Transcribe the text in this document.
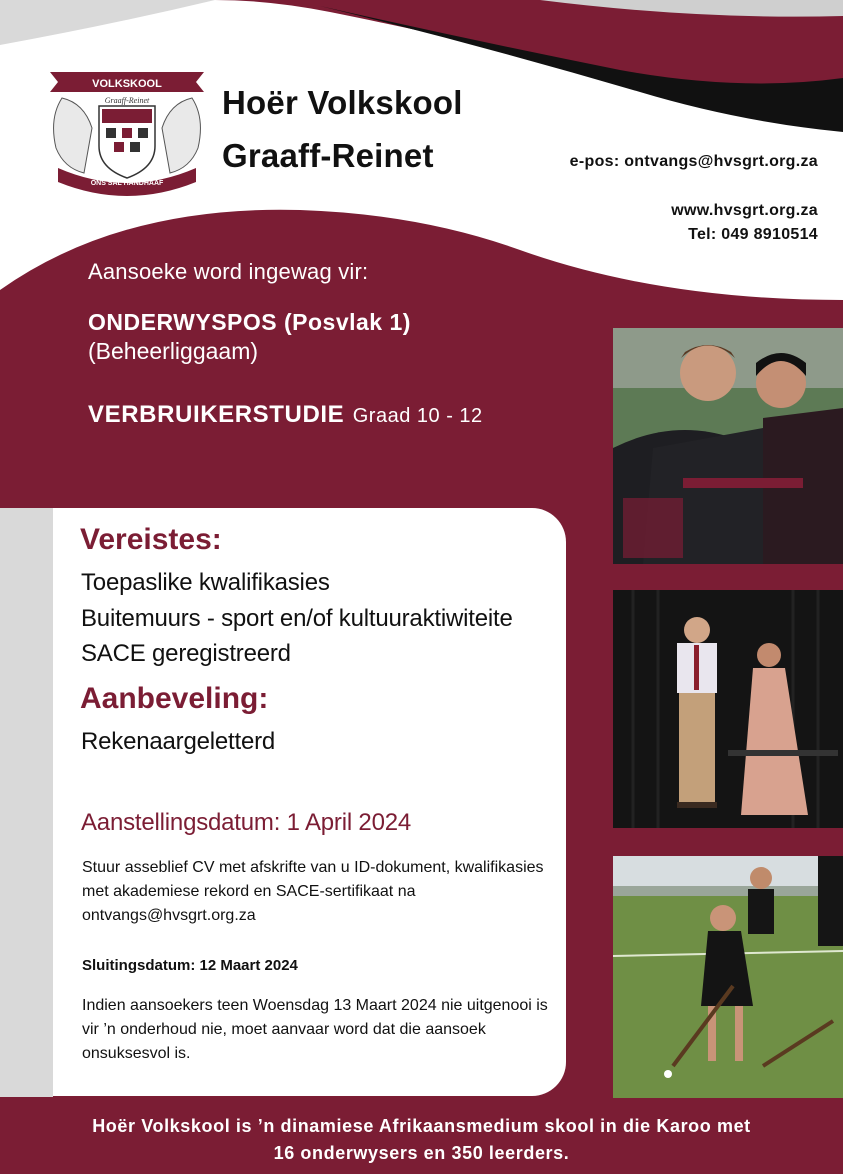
VOLKSKOOL
Graaff-Reinet
ONS SAL HANDHAAF
Hoër Volkskool
Graaff-Reinet	e-pos: ontvangs@hvsgrt.org.za
www.hvsgrt.org.za
Tel: 049 8910514
Aansoeke word ingewag vir:
ONDERWYSPOS (Posvlak 1)
(Beheerliggaam)
VERBRUIKERSTUDIE Graad 10 - 12
Vereistes:
Toepaslike kwalifikasies
Buitemuurs - sport en/of kultuuraktiwiteite
SACE geregistreerd
Aanbeveling:
Rekenaargeletterd
Aanstellingsdatum: 1 April 2024
Stuur asseblief CV met afskrifte van u ID-dokument, kwalifikasies met akademiese rekord en SACE-sertifikaat na ontvangs@hvsgrt.org.za
Sluitingsdatum: 12 Maart 2024
Indien aansoekers teen Woensdag 13 Maart 2024 nie uitgenooi is vir ’n onderhoud nie, moet aanvaar word dat die aansoek onsuksesvol is.
Hoër Volkskool is ’n dinamiese Afrikaansmedium skool in die Karoo met
16 onderwysers en 350 leerders.
